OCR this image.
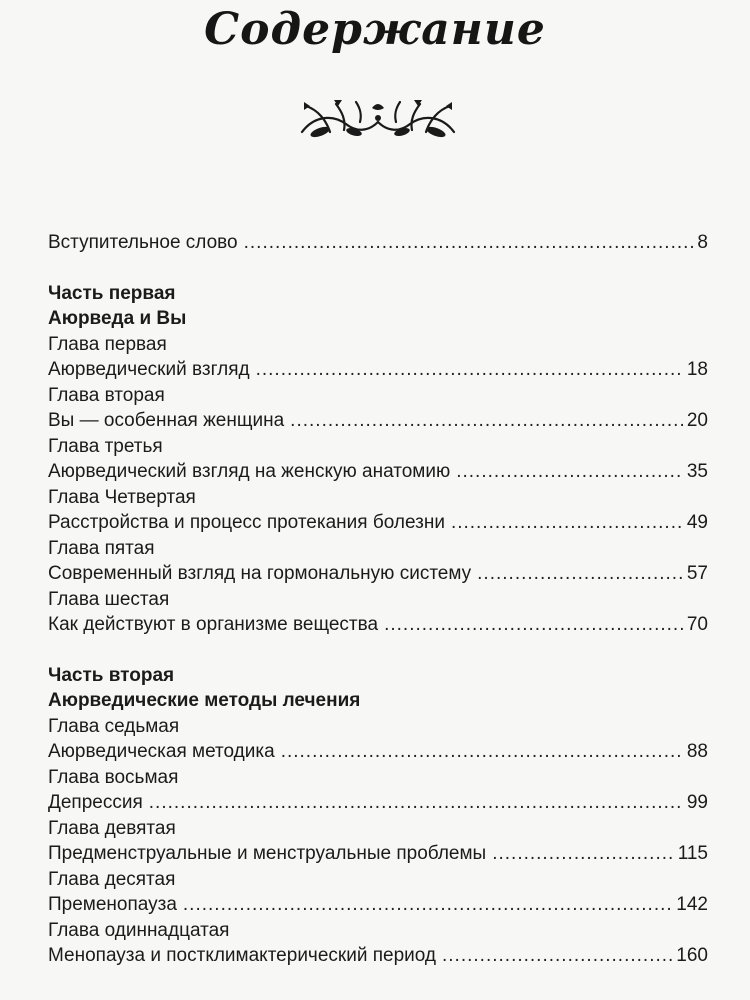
Содержание
Вступительное слово .....	8
Часть первая
Аюрведа и Вы
Глава первая
Аюрведический взгляд .....	18
Глава вторая
Вы — особенная женщина .....	20
Глава третья
Аюрведический взгляд на женскую анатомию .....	35
Глава Четвертая
Расстройства и процесс протекания болезни .....	49
Глава пятая
Современный взгляд на гормональную систему .....	57
Глава шестая
Как действуют в организме вещества .....	70
Часть вторая
Аюрведические методы лечения
Глава седьмая
Аюрведическая методика .....	88
Глава восьмая
Депрессия .....	99
Глава девятая
Предменструальные и менструальные проблемы .....	115
Глава десятая
Пременопауза .....	142
Глава одиннадцатая
Менопауза и постклимактерический период .....	160
